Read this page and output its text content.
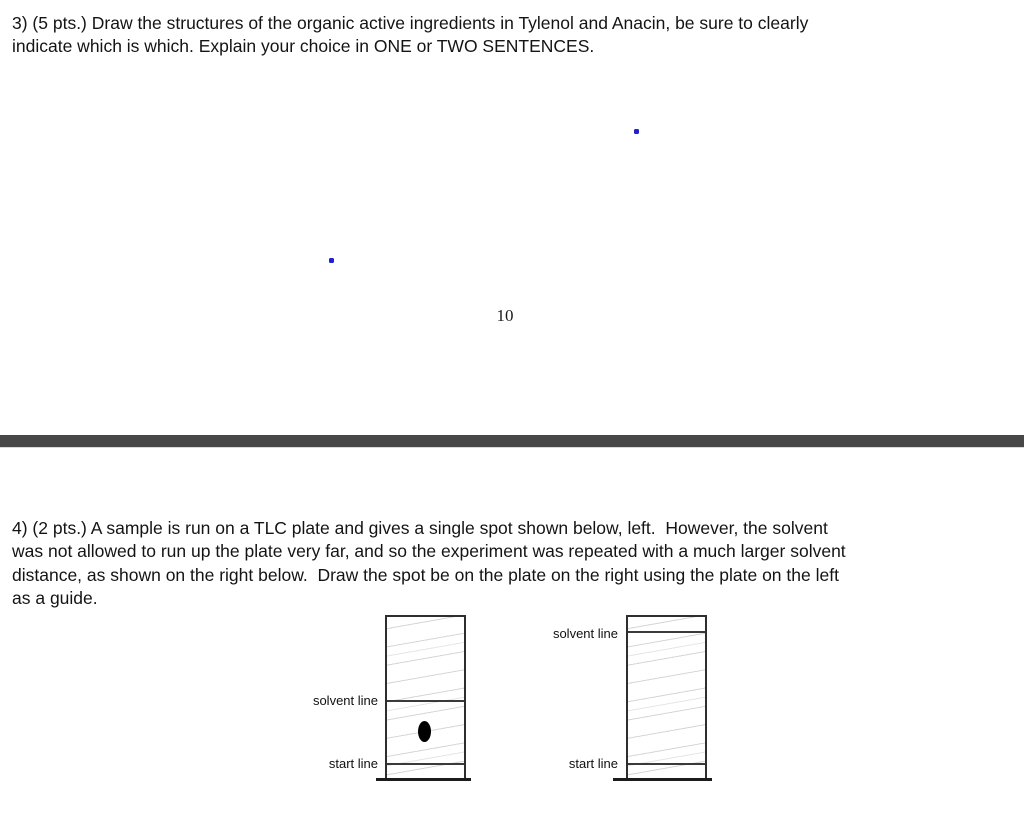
3) (5 pts.) Draw the structures of the organic active ingredients in Tylenol and Anacin, be sure to clearly
indicate which is which. Explain your choice in ONE or TWO SENTENCES.
10
4) (2 pts.) A sample is run on a TLC plate and gives a single spot shown below, left.  However, the solvent
was not allowed to run up the plate very far, and so the experiment was repeated with a much larger solvent
distance, as shown on the right below.  Draw the spot be on the plate on the right using the plate on the left
as a guide.
solvent line
start line
solvent line
start line
